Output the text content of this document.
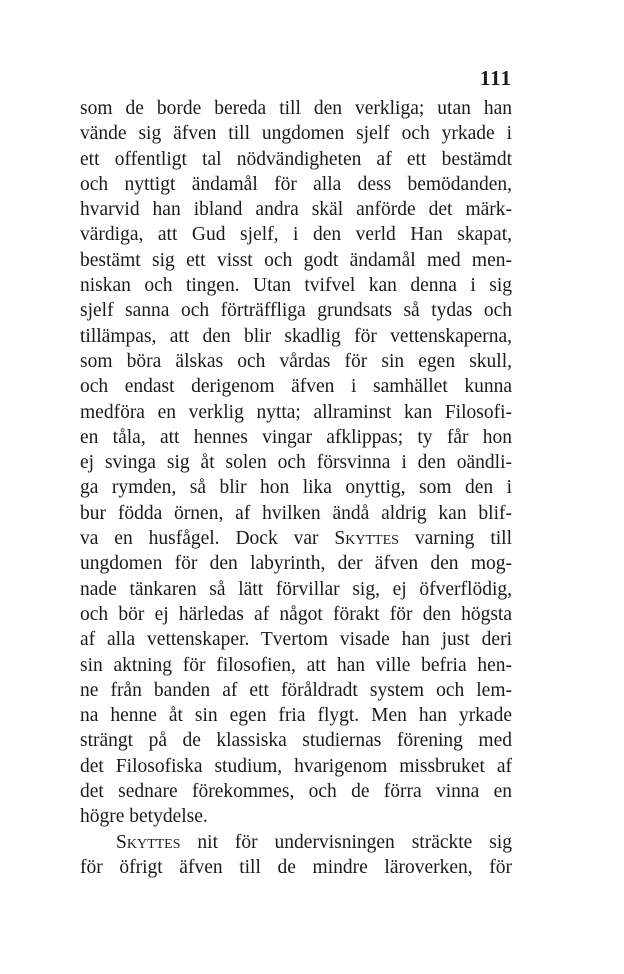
111
som de borde bereda till den verkliga; utan han
vände sig äfven till ungdomen sjelf och yrkade i
ett offentligt tal nödvändigheten af ett bestämdt
och nyttigt ändamål för alla dess bemödanden,
hvarvid han ibland andra skäl anförde det märk-
värdiga, att Gud sjelf, i den verld Han skapat,
bestämt sig ett visst och godt ändamål med men-
niskan och tingen. Utan tvifvel kan denna i sig
sjelf sanna och förträffliga grundsats så tydas och
tillämpas, att den blir skadlig för vettenskaperna,
som böra älskas och vårdas för sin egen skull,
och endast derigenom äfven i samhället kunna
medföra en verklig nytta; allraminst kan Filosofi-
en tåla, att hennes vingar afklippas; ty får hon
ej svinga sig åt solen och försvinna i den oändli-
ga rymden, så blir hon lika onyttig, som den i
bur födda örnen, af hvilken ändå aldrig kan blif-
va en husfågel. Dock var Skyttes varning till
ungdomen för den labyrinth, der äfven den mog-
nade tänkaren så lätt förvillar sig, ej öfverflödig,
och bör ej härledas af något förakt för den högsta
af alla vettenskaper. Tvertom visade han just deri
sin aktning för filosofien, att han ville befria hen-
ne från banden af ett föråldradt system och lem-
na henne åt sin egen fria flygt. Men han yrkade
strängt på de klassiska studiernas förening med
det Filosofiska studium, hvarigenom missbruket af
det sednare förekommes, och de förra vinna en
högre betydelse.
Skyttes nit för undervisningen sträckte sig
för öfrigt äfven till de mindre läroverken, för
